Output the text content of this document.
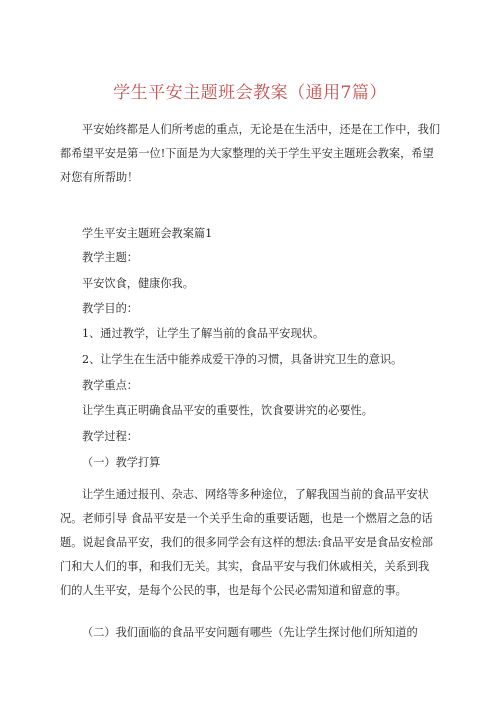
学生平安主题班会教案（通用7篇）

平安始终都是人们所考虑的重点，无论是在生活中，还是在工作中，我们都希望平安是第一位!下面是为大家整理的关于学生平安主题班会教案，希望对您有所帮助！

学生平安主题班会教案篇1

教学主题：

平安饮食，健康你我。

教学目的：

1、通过教学，让学生了解当前的食品平安现状。

2、让学生在生活中能养成爱干净的习惯，具备讲究卫生的意识。

教学重点：

让学生真正明确食品平安的重要性，饮食要讲究的必要性。

教学过程：

（一）教学打算

让学生通过报刊、杂志、网络等多种途位，了解我国当前的食品平安状况。老师引导 食品平安是一个关乎生命的重要话题，也是一个燃眉之急的话题。说起食品平安，我们的很多同学会有这样的想法:食品平安是食品安检部门和大人们的事，和我们无关。其实，食品平安与我们休戚相关，关系到我们的人生平安，是每个公民的事，也是每个公民必需知道和留意的事。

（二）我们面临的食品平安问题有哪些（先让学生探讨他们所知道的
